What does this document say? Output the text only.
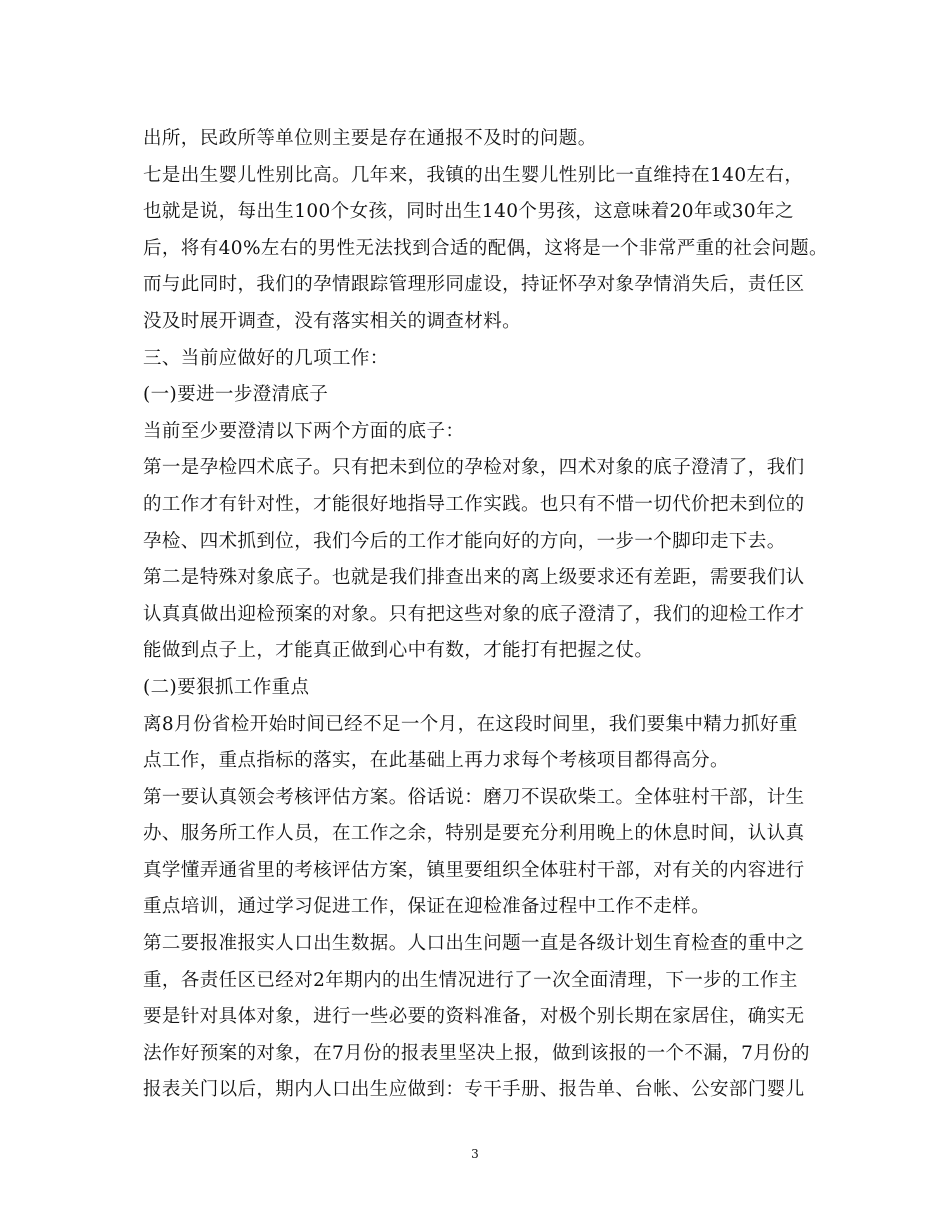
出所，民政所等单位则主要是存在通报不及时的问题。
七是出生婴儿性别比高。几年来，我镇的出生婴儿性别比一直维持在140左右，
也就是说，每出生100个女孩，同时出生140个男孩，这意味着20年或30年之
后，将有40%左右的男性无法找到合适的配偶，这将是一个非常严重的社会问题。
而与此同时，我们的孕情跟踪管理形同虚设，持证怀孕对象孕情消失后，责任区
没及时展开调查，没有落实相关的调查材料。
三、当前应做好的几项工作：
(一)要进一步澄清底子
当前至少要澄清以下两个方面的底子：
第一是孕检四术底子。只有把未到位的孕检对象，四术对象的底子澄清了，我们
的工作才有针对性，才能很好地指导工作实践。也只有不惜一切代价把未到位的
孕检、四术抓到位，我们今后的工作才能向好的方向，一步一个脚印走下去。
第二是特殊对象底子。也就是我们排查出来的离上级要求还有差距，需要我们认
认真真做出迎检预案的对象。只有把这些对象的底子澄清了，我们的迎检工作才
能做到点子上，才能真正做到心中有数，才能打有把握之仗。
(二)要狠抓工作重点
离8月份省检开始时间已经不足一个月，在这段时间里，我们要集中精力抓好重
点工作，重点指标的落实，在此基础上再力求每个考核项目都得高分。
第一要认真领会考核评估方案。俗话说：磨刀不误砍柴工。全体驻村干部，计生
办、服务所工作人员，在工作之余，特别是要充分利用晚上的休息时间，认认真
真学懂弄通省里的考核评估方案，镇里要组织全体驻村干部，对有关的内容进行
重点培训，通过学习促进工作，保证在迎检准备过程中工作不走样。
第二要报准报实人口出生数据。人口出生问题一直是各级计划生育检查的重中之
重，各责任区已经对2年期内的出生情况进行了一次全面清理，下一步的工作主
要是针对具体对象，进行一些必要的资料准备，对极个别长期在家居住，确实无
法作好预案的对象，在7月份的报表里坚决上报，做到该报的一个不漏，7月份的
报表关门以后，期内人口出生应做到：专干手册、报告单、台帐、公安部门婴儿
3
